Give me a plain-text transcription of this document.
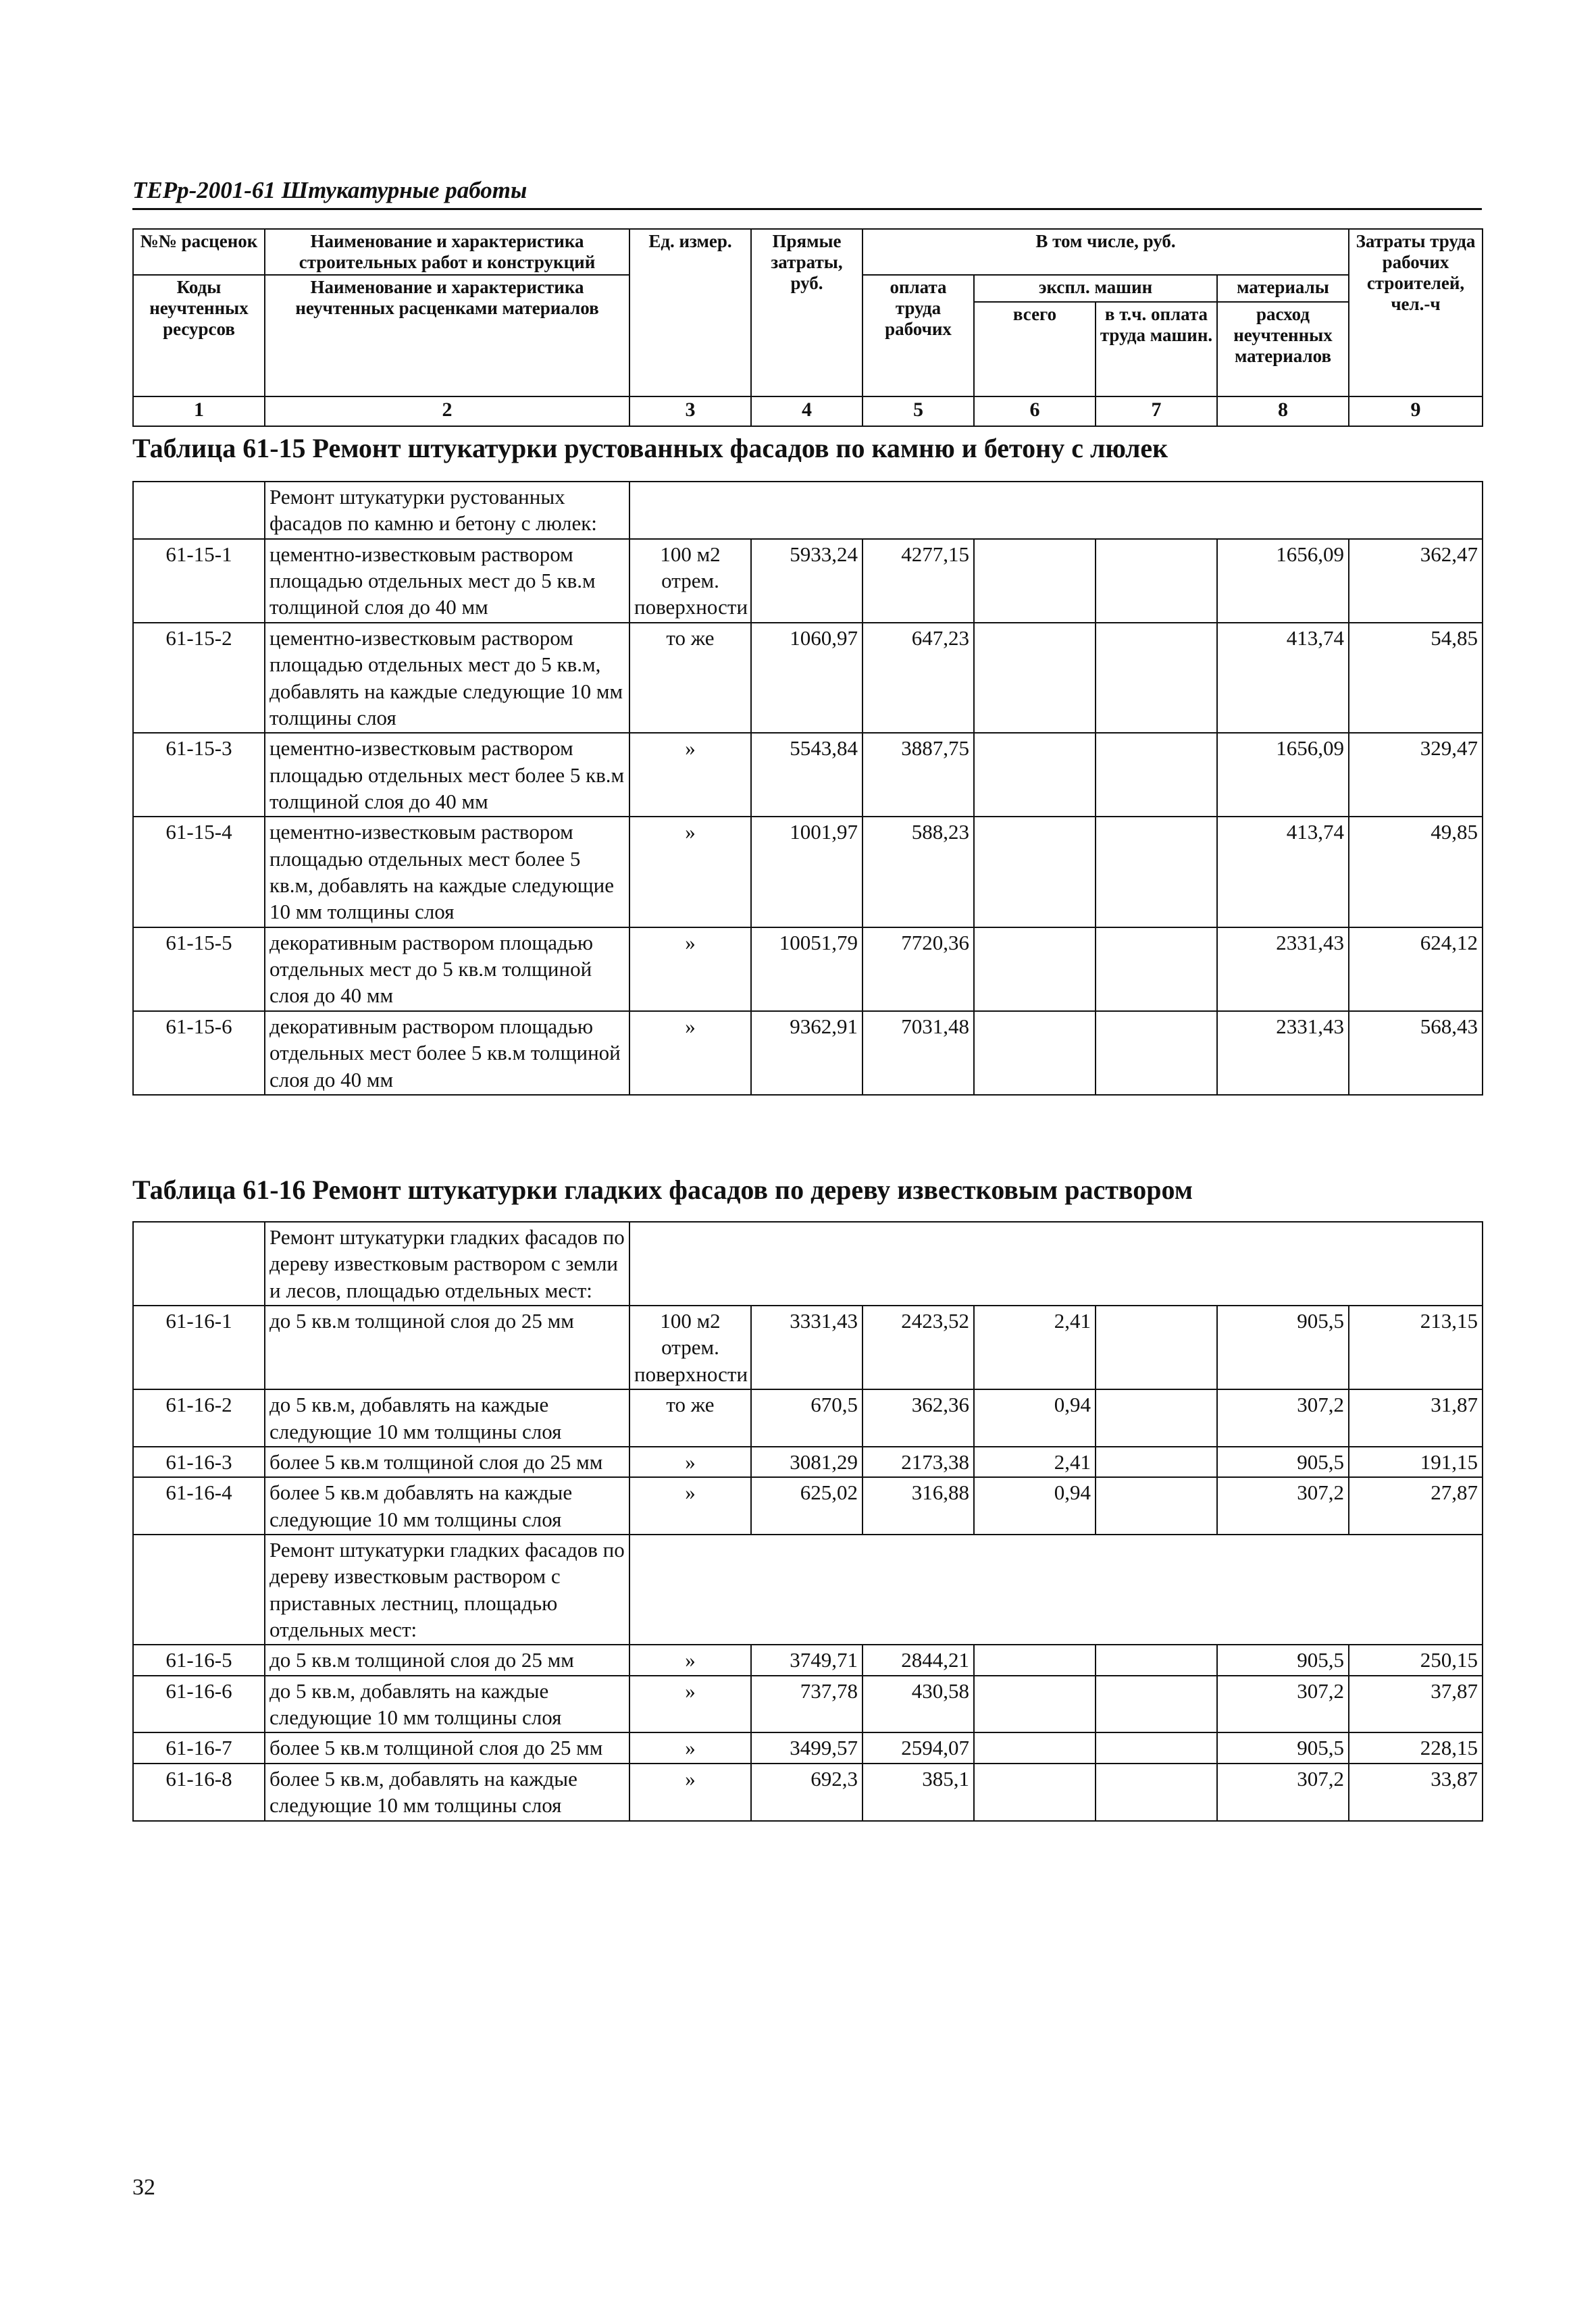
ТЕРр-2001-61 Штукатурные работы
№№ расценок	Наименование и характеристика строительных работ и конструкций	Ед. измер.	Прямые затраты, руб.	В том числе, руб.				Затраты труда рабочих строителей, чел.-ч
Коды неучтенных ресурсов	Наименование и характеристика неучтенных расценками материалов			оплата труда рабочих	экспл. машин		материалы	
					всего	в т.ч. оплата труда машин.	расход неучтенных материалов	
1	2	3	4	5	6	7	8	9
Таблица 61-15 Ремонт штукатурки рустованных фасадов по камню и бетону с люлек
	Ремонт штукатурки рустованных фасадов по камню и бетону с люлек:							
61-15-1	цементно-известковым раствором площадью отдельных мест до 5 кв.м толщиной слоя до 40 мм	100 м2 отрем. поверхности	5933,24	4277,15			1656,09	362,47
61-15-2	цементно-известковым раствором площадью отдельных мест до 5 кв.м, добавлять на каждые следующие 10 мм толщины слоя	то же	1060,97	647,23			413,74	54,85
61-15-3	цементно-известковым раствором площадью отдельных мест более 5 кв.м толщиной слоя до 40 мм	»	5543,84	3887,75			1656,09	329,47
61-15-4	цементно-известковым раствором площадью отдельных мест более 5 кв.м, добавлять на каждые следующие 10 мм толщины слоя	»	1001,97	588,23			413,74	49,85
61-15-5	декоративным раствором площадью отдельных мест до 5 кв.м толщиной слоя до 40 мм	»	10051,79	7720,36			2331,43	624,12
61-15-6	декоративным раствором площадью отдельных мест более 5 кв.м толщиной слоя до 40 мм	»	9362,91	7031,48			2331,43	568,43
Таблица 61-16 Ремонт штукатурки гладких фасадов по дереву известковым раствором
	Ремонт штукатурки гладких фасадов по дереву известковым раствором с земли и лесов, площадью отдельных мест:							
61-16-1	до 5 кв.м толщиной слоя до 25 мм	100 м2 отрем. поверхности	3331,43	2423,52	2,41		905,5	213,15
61-16-2	до 5 кв.м, добавлять на каждые следующие 10 мм толщины слоя	то же	670,5	362,36	0,94		307,2	31,87
61-16-3	более 5 кв.м толщиной слоя до 25 мм	»	3081,29	2173,38	2,41		905,5	191,15
61-16-4	более 5 кв.м добавлять на каждые следующие 10 мм толщины слоя	»	625,02	316,88	0,94		307,2	27,87
	Ремонт штукатурки гладких фасадов по дереву известковым раствором с приставных лестниц, площадью отдельных мест:							
61-16-5	до 5 кв.м толщиной слоя до 25 мм	»	3749,71	2844,21			905,5	250,15
61-16-6	до 5 кв.м, добавлять на каждые следующие 10 мм толщины слоя	»	737,78	430,58			307,2	37,87
61-16-7	более 5 кв.м толщиной слоя до 25 мм	»	3499,57	2594,07			905,5	228,15
61-16-8	более 5 кв.м, добавлять на каждые следующие 10 мм толщины слоя	»	692,3	385,1			307,2	33,87
32
